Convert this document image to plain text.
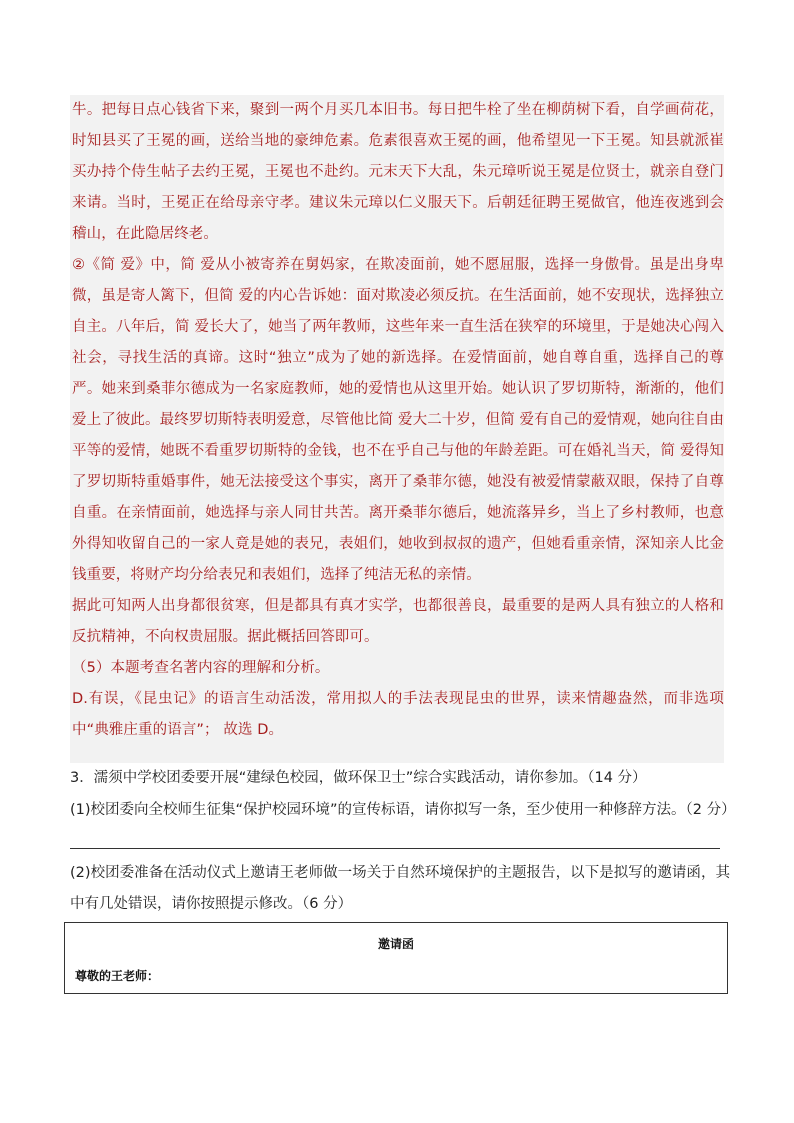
牛。把每日点心钱省下来，聚到一两个月买几本旧书。每日把牛栓了坐在柳荫树下看，自学画荷花，时知县买了王冕的画，送给当地的豪绅危素。危素很喜欢王冕的画，他希望见一下王冕。知县就派崔买办持个侍生帖子去约王冕，王冕也不赴约。元末天下大乱，朱元璋听说王冕是位贤士，就亲自登门来请。当时，王冕正在给母亲守孝。建议朱元璋以仁义服天下。后朝廷征聘王冕做官，他连夜逃到会稽山，在此隐居终老。

②《简 爱》中，简 爱从小被寄养在舅妈家，在欺凌面前，她不愿屈服，选择一身傲骨。虽是出身卑微，虽是寄人篱下，但简 爱的内心告诉她：面对欺凌必须反抗。在生活面前，她不安现状，选择独立自主。八年后，简 爱长大了，她当了两年教师，这些年来一直生活在狭窄的环境里，于是她决心闯入社会，寻找生活的真谛。这时“独立”成为了她的新选择。在爱情面前，她自尊自重，选择自己的尊严。她来到桑菲尔德成为一名家庭教师，她的爱情也从这里开始。她认识了罗切斯特，渐渐的，他们爱上了彼此。最终罗切斯特表明爱意，尽管他比简 爱大二十岁，但简 爱有自己的爱情观，她向往自由平等的爱情，她既不看重罗切斯特的金钱，也不在乎自己与他的年龄差距。可在婚礼当天，简 爱得知了罗切斯特重婚事件，她无法接受这个事实，离开了桑菲尔德，她没有被爱情蒙蔽双眼，保持了自尊自重。在亲情面前，她选择与亲人同甘共苦。离开桑菲尔德后，她流落异乡，当上了乡村教师，也意外得知收留自己的一家人竟是她的表兄，表姐们，她收到叔叔的遗产，但她看重亲情，深知亲人比金钱重要，将财产均分给表兄和表姐们，选择了纯洁无私的亲情。

据此可知两人出身都很贫寒，但是都具有真才实学，也都很善良，最重要的是两人具有独立的人格和反抗精神，不向权贵屈服。据此概括回答即可。

（5）本题考查名著内容的理解和分析。

D.有误，《昆虫记》的语言生动活泼，常用拟人的手法表现昆虫的世界，读来情趣盎然，而非选项中“典雅庄重的语言”； 故选 D。

3．濡须中学校团委要开展“建绿色校园，做环保卫士”综合实践活动，请你参加。（14 分）
(1)校团委向全校师生征集“保护校园环境”的宣传标语，请你拟写一条，至少使用一种修辞方法。（2 分）
(2)校团委准备在活动仪式上邀请王老师做一场关于自然环境保护的主题报告，以下是拟写的邀请函，其中有几处错误，请你按照提示修改。（6 分）
邀请函
尊敬的王老师：
